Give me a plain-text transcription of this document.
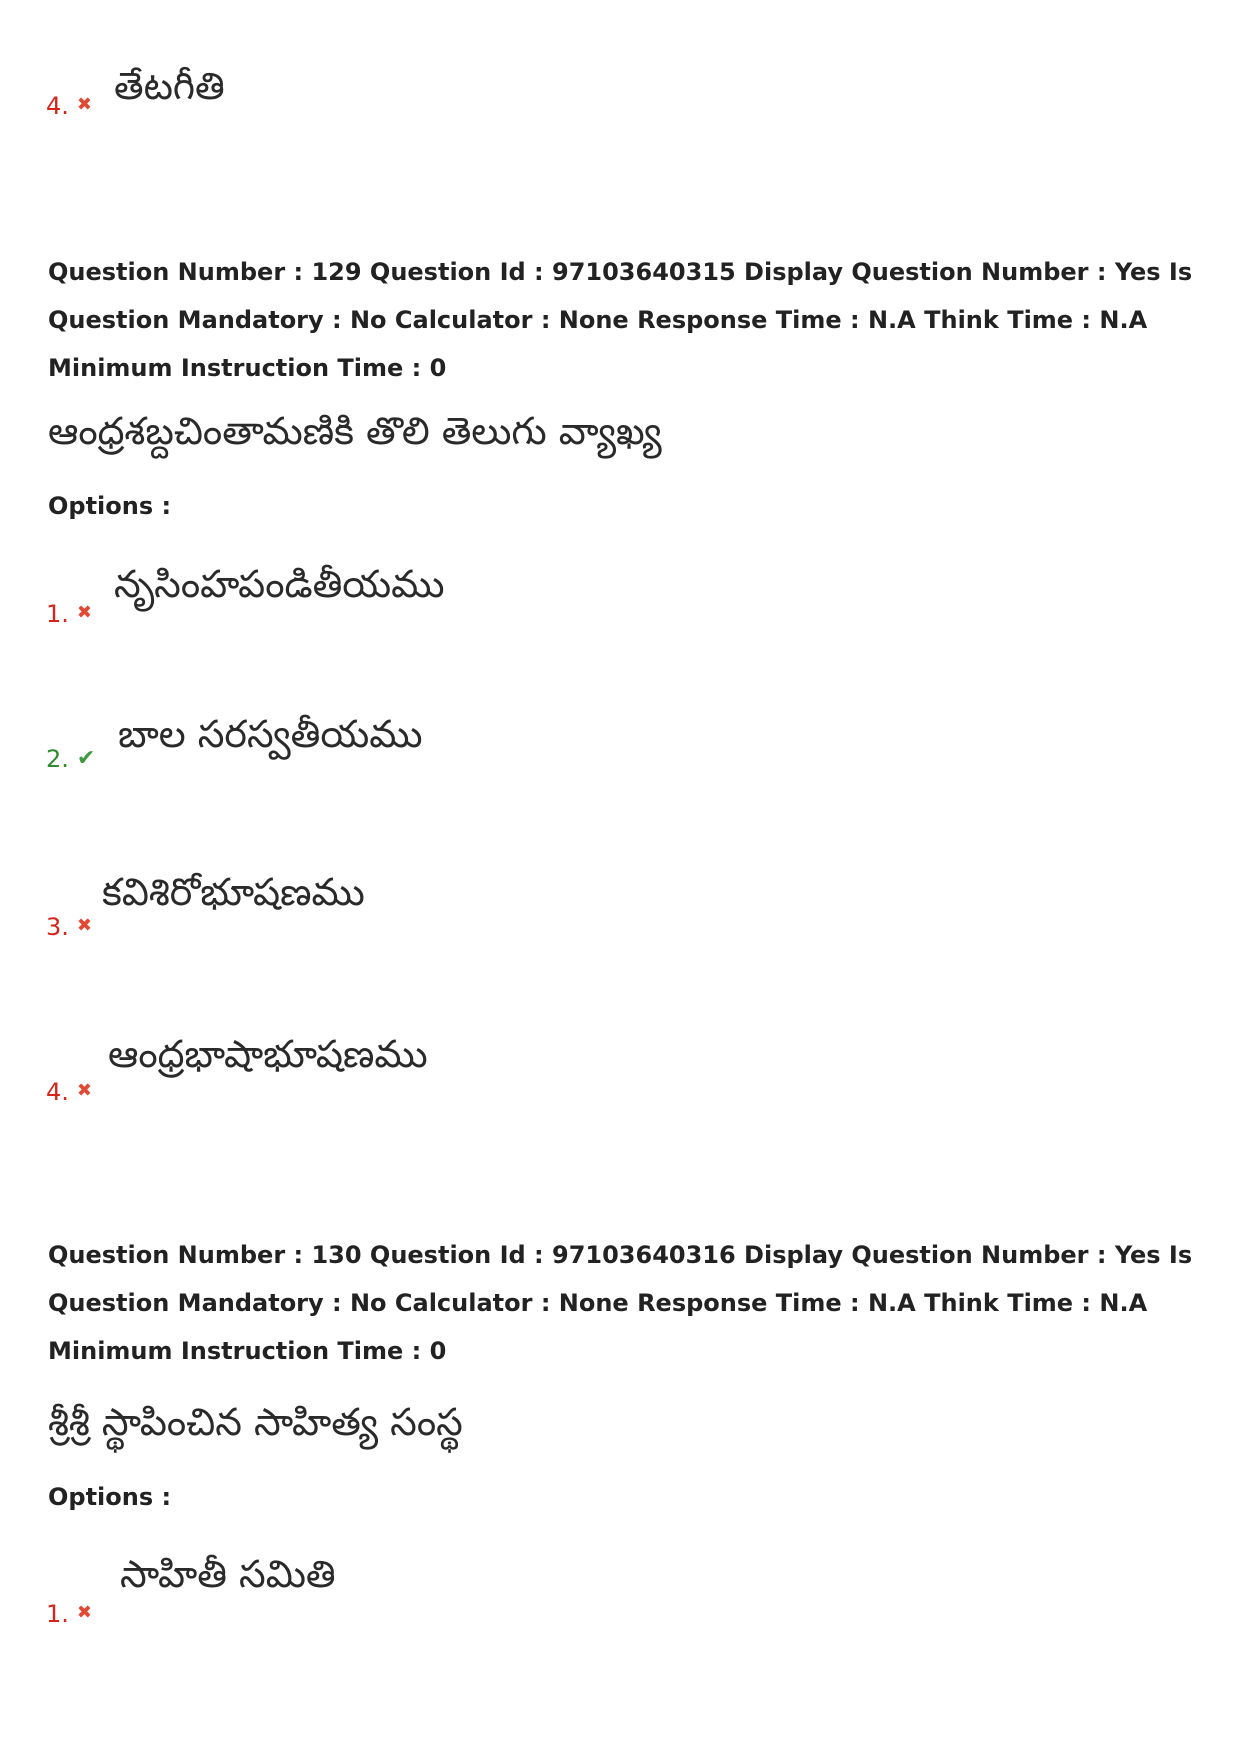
తేటగీతి
4. ✖
Question Number : 129 Question Id : 97103640315 Display Question Number : Yes Is Question Mandatory : No Calculator : None Response Time : N.A Think Time : N.A Minimum Instruction Time : 0
ఆంధ్రశబ్దచింతామణికి తొలి తెలుగు వ్యాఖ్య
Options :
నృసింహపండితీయము
1. ✖
బాల సరస్వతీయము
2. ✔
కవిశిరోభూషణము
3. ✖
ఆంధ్రభాషాభూషణము
4. ✖
Question Number : 130 Question Id : 97103640316 Display Question Number : Yes Is Question Mandatory : No Calculator : None Response Time : N.A Think Time : N.A Minimum Instruction Time : 0
శ్రీశ్రీ స్థాపించిన సాహిత్య సంస్థ
Options :
సాహితీ సమితి
1. ✖
